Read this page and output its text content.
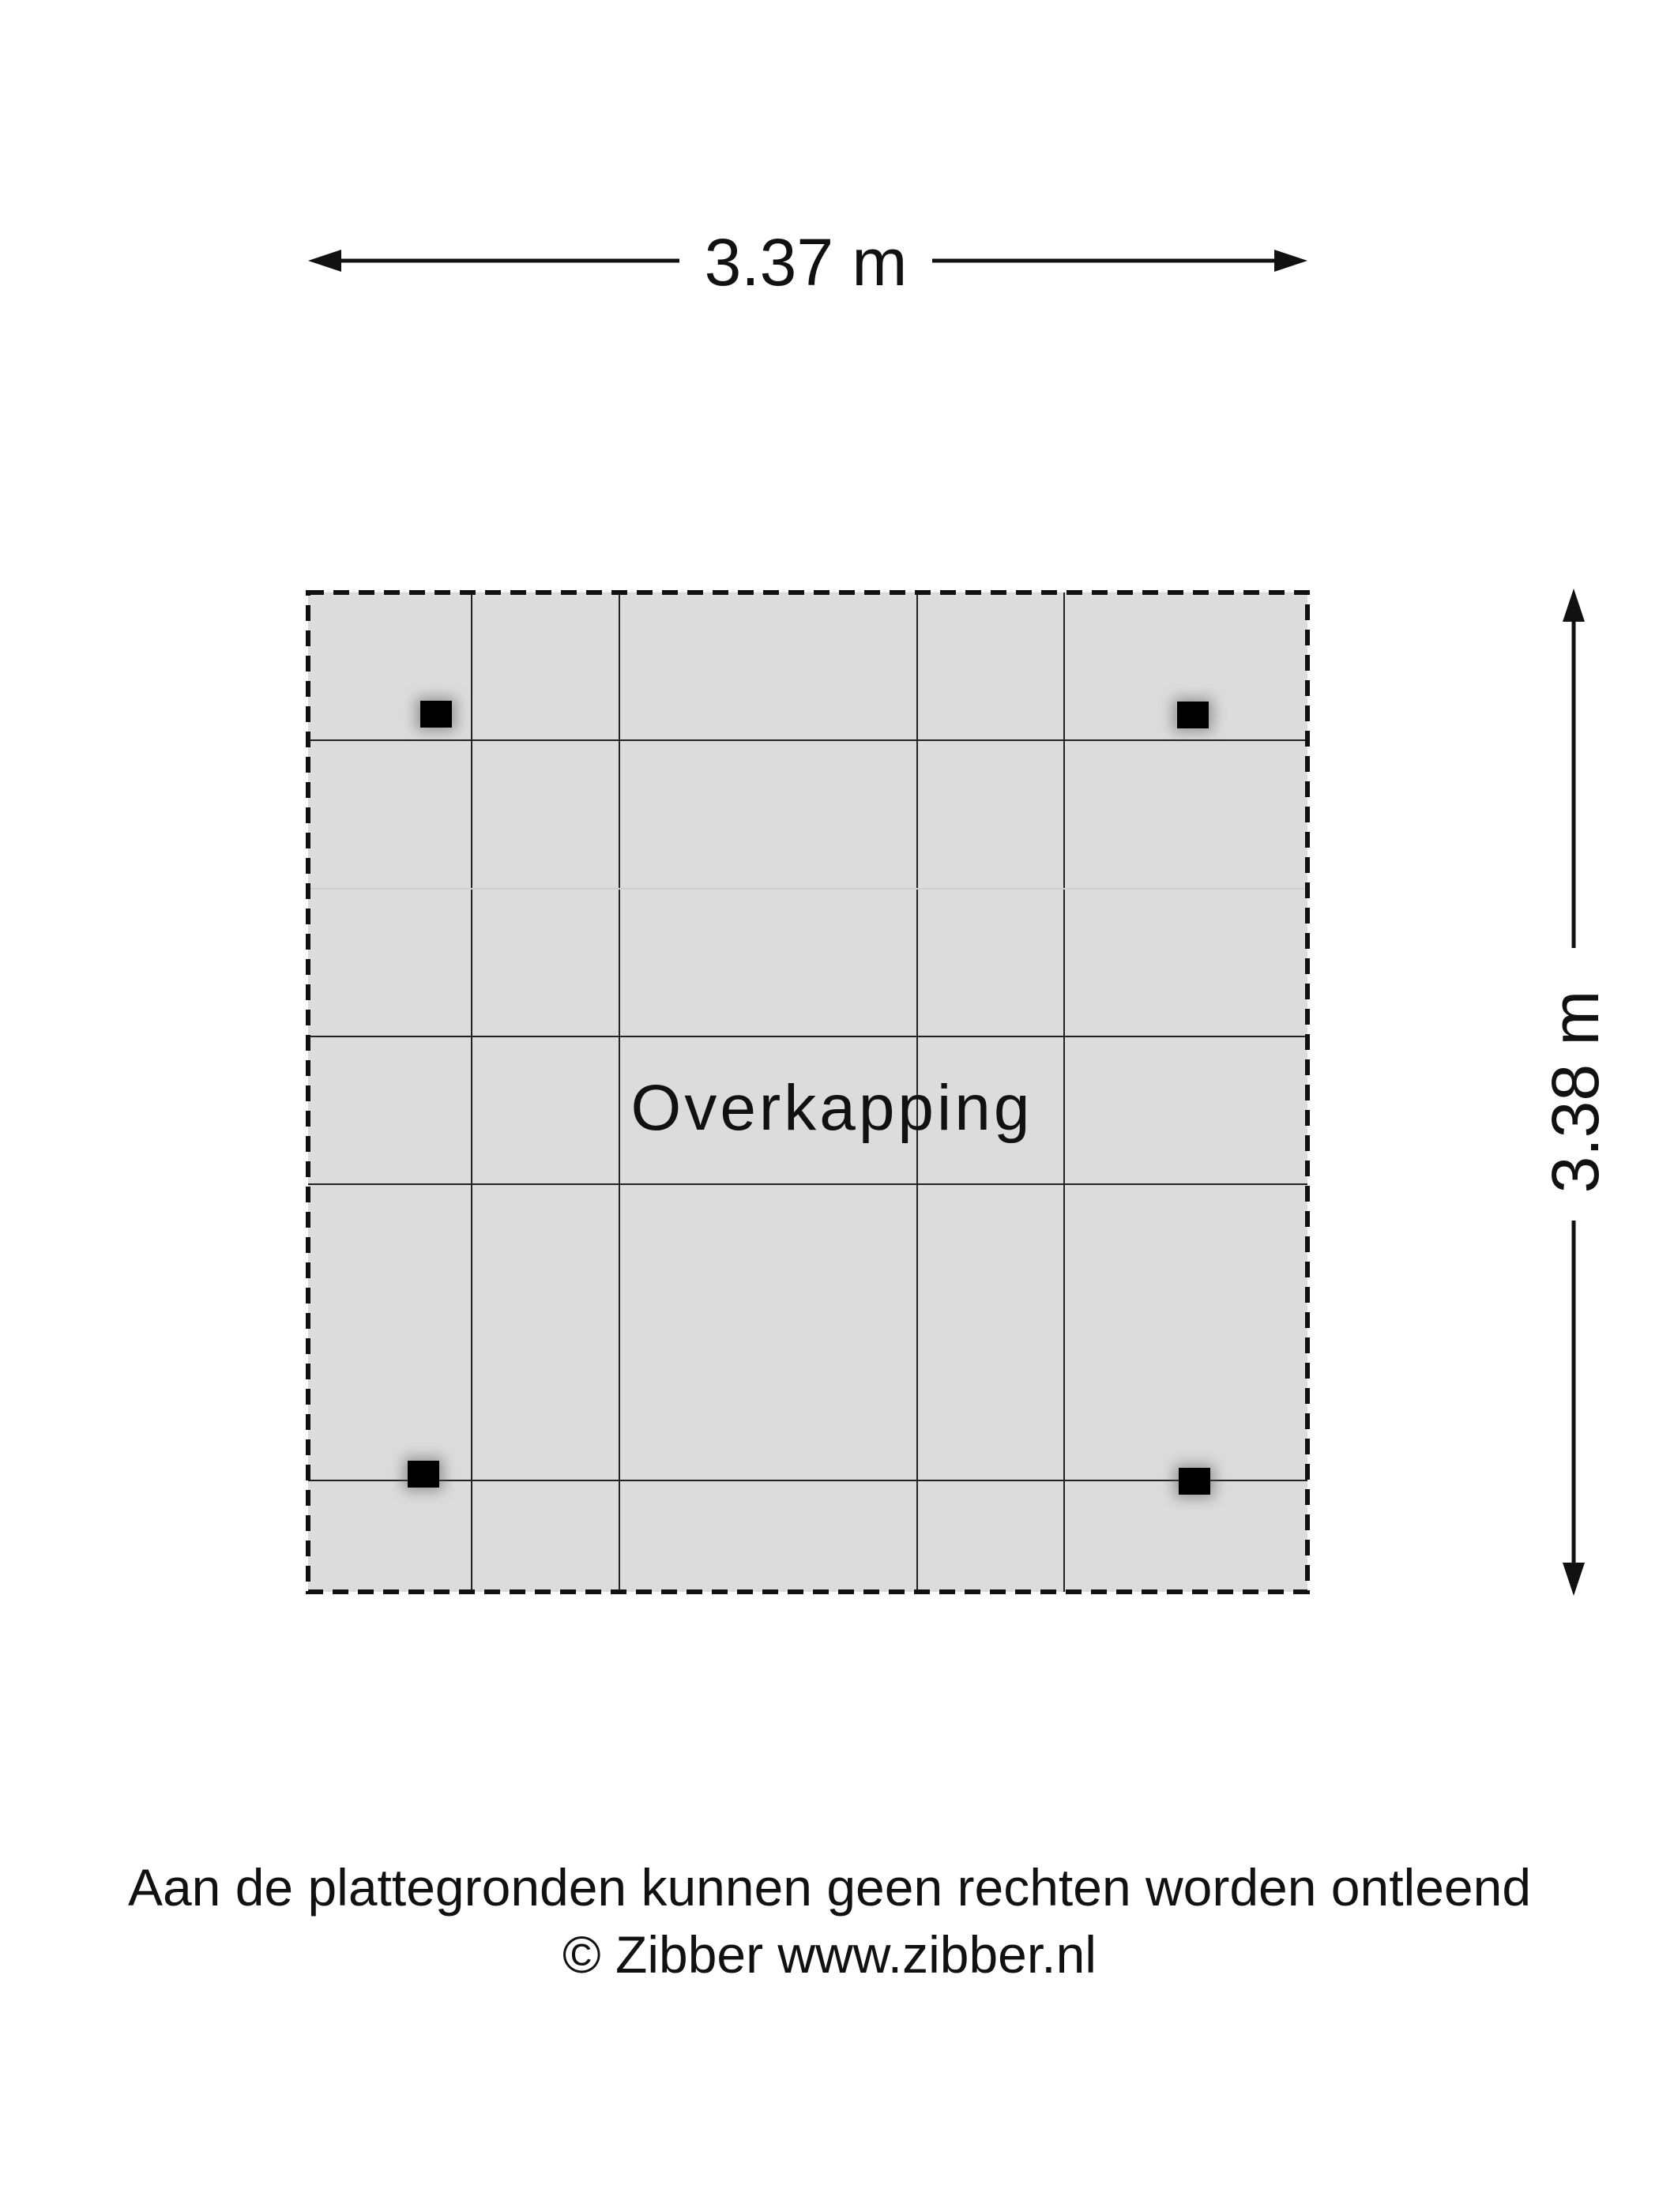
3.37 m
3.38 m
Overkapping
Aan de plattegronden kunnen geen rechten worden ontleend
© Zibber www.zibber.nl
